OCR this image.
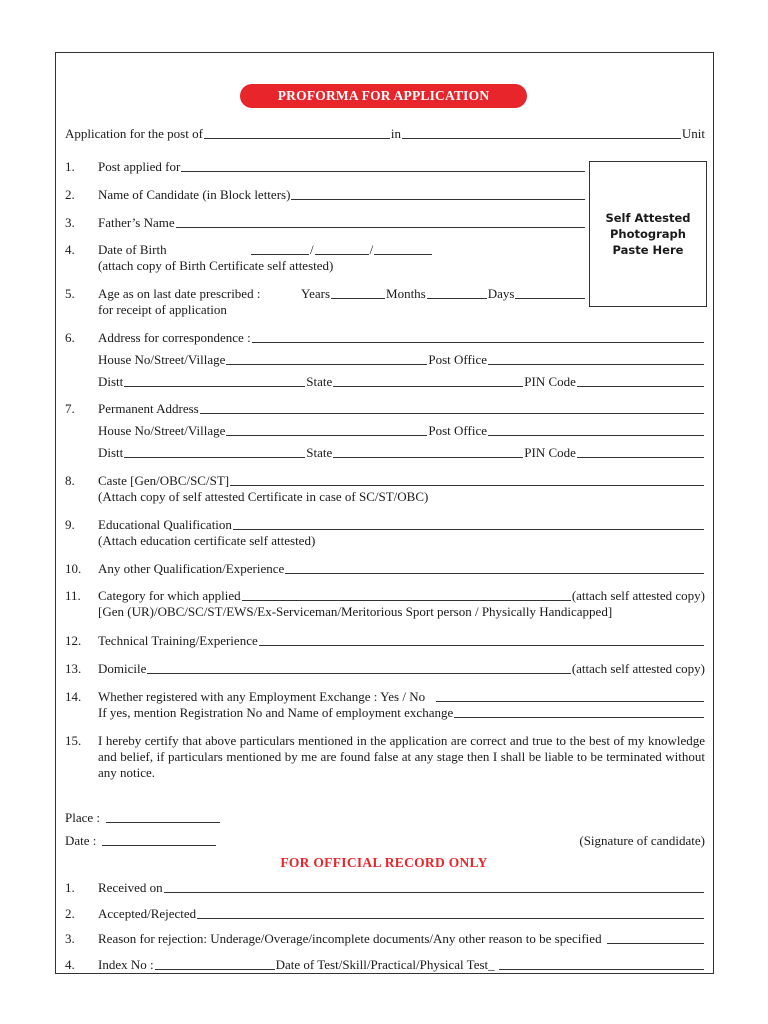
PROFORMA FOR APPLICATION
Application for the post of	in	Unit
Self Attested
Photograph
Paste Here
1. Post applied for
2. Name of Candidate (in Block letters)
3. Father’s Name
4. Date of Birth	/	/
(attach copy of Birth Certificate self attested)
5. Age as on last date prescribed :	Years	Months	Days
for receipt of application
6. Address for correspondence :
House No/Street/Village	Post Office
Distt	State	PIN Code
7. Permanent Address
House No/Street/Village	Post Office
Distt	State	PIN Code
8. Caste [Gen/OBC/SC/ST]
(Attach copy of self attested Certificate in case of SC/ST/OBC)
9. Educational Qualification
(Attach education certificate self attested)
10. Any other Qualification/Experience
11. Category for which applied	(attach self attested copy)
[Gen (UR)/OBC/SC/ST/EWS/Ex-Serviceman/Meritorious Sport person / Physically Handicapped]
12. Technical Training/Experience
13. Domicile	(attach self attested copy)
14. Whether registered with any Employment Exchange : Yes / No
If yes, mention Registration No and Name of employment exchange
15. I hereby certify that above particulars mentioned in the application are correct and true to the best of my knowledge and belief, if particulars mentioned by me are found false at any stage then I shall be liable to be terminated without any notice.
Place :
Date :	(Signature of candidate)
FOR OFFICIAL RECORD ONLY
1. Received on
2. Accepted/Rejected
3. Reason for rejection: Underage/Overage/incomplete documents/Any other reason to be specified
4. Index No :	Date of Test/Skill/Practical/Physical Test_
